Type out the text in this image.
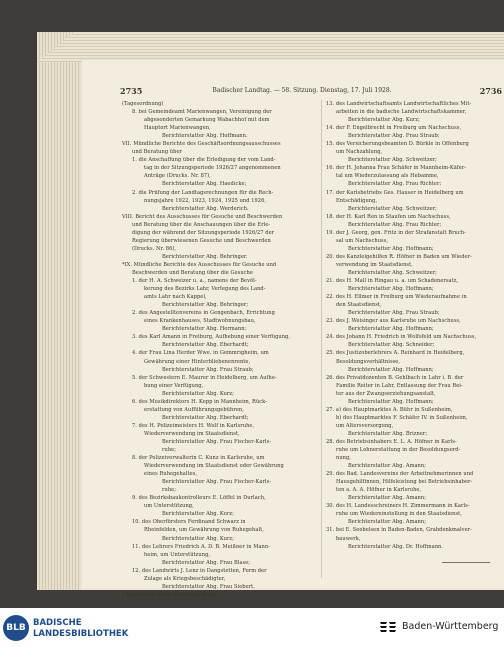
2735	Badischer Landtag. — 58. Sitzung. Dienstag, 17. Juli 1928.	2736
(Tagesordnung)
8. bei Gemeindeamt Marienwangen, Vereinigung der
abgesonderten Gemarkung Wabachhof mit dem
Hauptort Marienwangen,
Berichterstatter Abg. Hoffmann.
VII. Mündliche Berichte des Geschäftsordnungsausschusses
und Beratung über
1. die Anschaffung über die Erledigung der vom Land-
tag in der Sitzungsperiode 1926/27 angenommenen
Anträge (Drucks. Nr. 87),
Berichterstatter Abg. Haedicke;
2. die Prüfung der Landtagsrechnungen für die Rech-
nungsjahre 1922, 1923, 1924, 1925 und 1926,
Berichterstatter Abg. Werderich.
VIII. Bericht des Ausschusses für Gesuche und Beschwerden
und Beratung über die Anschauungen über die Erle-
digung der während der Sitzungsperiode 1926/27 der
Regierung überwiesenen Gesuche und Beschwerden
(Drucks. Nr. 86),
Berichterstatter Abg. Behringer.
*IX. Mündliche Berichte des Ausschusses für Gesuche und
Beschwerden und Beratung über die Gesuche
1. der H. A. Schweizer u. a., namens der Bevöl-
kerung des Bezirks Lahr, Verlegung des Land-
amts Lahr nach Kappel,
Berichterstatter Abg. Behringer;
2. des Angestelltenvereins in Gengenbach, Errichtung
eines Krankenhauses, Stadtwohnungsbau,
Berichterstatter Abg. Hermann;
3. des Karl Amann in Freiburg, Aufhebung einer Verfügung,
Berichterstatter Abg. Eberhardt;
4. der Frau Lina Herder Wwe. in Gemmrigheim, um
Gewährung einer Hinterbliebenenrente,
Berichterstatter Abg. Frau Straub;
5. der Schwestern E. Maurer in Heidelberg, um Aufhe-
bung einer Verfügung,
Berichterstatter Abg. Kurz;
6. des Musikdirektors H. Kopp in Mannheim, Rück-
erstattung von Aufführungsgebühren,
Berichterstatter Abg. Eberhardt;
7. des H. Polizeimeisters H. Wolf in Karlsruhe,
Wiederverwendung im Staatsdienst,
Berichterstatter Abg. Frau Fischer-Karls-
ruhe;
8. der Polizeiverwalterin C. Kunz in Karlsruhe, um
Wiederverwendung im Staatsdienst oder Gewährung
eines Ruhegehaltes,
Berichterstatter Abg. Frau Fischer-Karls-
ruhe;
9. des Bezirksbaukontrolleurs E. Löffel in Durlach,
um Unterstützung,
Berichterstatter Abg. Kurz;
10. des Oberförsters Ferdinand Schwarz in
Rheinfelden, um Gewährung von Ruhegehalt,
Berichterstatter Abg. Kurz;
11. des Lehrers Friedrich A. D. B. Meißner in Mann-
heim, um Unterstützung,
Berichterstatter Abg. Frau Blase;
12. des Landwirts J. Lenz in Dangstetten, Form der
Zulage als Kriegsbeschädigter,
Berichterstatter Abg. Frau Siebert.
* Kann nicht mehr zur Verhandlung.
13. des Landwirtschaftsamts Landwirtschaftliches Mit-
arbeiten in die badische Landwirtschaftskammer,
Berichterstatter Abg. Kurz;
14. der F. Engelbrecht in Freiburg um Nachschuss,
Berichterstatter Abg. Frau Straub;
15. des Versicherungsbeamten D. Bürkle in Offenburg
um Nachzahlung,
Berichterstatter Abg. Schweitzer;
16. der H. Johanna Frau Schäfer in Mannheim-Käfer-
tal um Wiederzulassung als Hebamme,
Berichterstatter Abg. Frau Richter;
17. der Karlsbetriebs Ges. Hauser in Heidelberg um
Entschädigung,
Berichterstatter Abg. Schweitzer;
18. der H. Karl Ren in Staufen um Nachschuss,
Berichterstatter Abg. Frau Richter;
19. der J. Georg, gen. Fritz in der Strafanstalt Bruch-
sal um Nachschuss,
Berichterstatter Abg. Hoffmann;
20. des Kanzleigehilfen R. Höfner in Baden um Wieder-
verwendung im Staatsdienst,
Berichterstatter Abg. Schweitzer;
21. des H. Mall in Ringau u. a. um Schadenersatz,
Berichterstatter Abg. Hoffmann;
22. des H. Ellmer in Freiburg um Wiederaufnahme in
den Staatsdienst,
Berichterstatter Abg. Frau Straub;
23. des J. Weisinger aus Karlsruhe um Nachschuss,
Berichterstatter Abg. Hoffmann;
24. des Johann H. Friedrich in Wolfsfeld um Nachschuss,
Berichterstatter Abg. Schneider;
25. des Justizoberlehrers A. Reinhard in Heidelberg,
Besoldungsverhältnisse,
Berichterstatter Abg. Hoffmann;
26. des Privatdozenten B. Gehlbach in Lahr i. B. der
Familie Reiter in Lahr, Entlassung der Frau Rei-
ter aus der Zwangserziehungsanstalt,
Berichterstatter Abg. Hoffmann;
27. a) des Hauptmarktes A. Bühr in Sußenheim,
b) des Hauptmarktes F. Schäfer IV. in Sußenheim,
um Altersversorgung,
Berichterstatter Abg. Brizner;
28. des Betriebsinhabers E. L. A. Höfner in Karls-
ruhe um Lohnerstattung in der Besoldungsord-
nung,
Berichterstatter Abg. Amann;
29. des Bad. Landesvereins der Arbeitnehmerinnen und
Hausgehilfinnen, Hilfeleistung bei Betriebsinhaber-
ten a. A. A. Höfner in Karlsruhe,
Berichterstatter Abg. Amann;
30. des H. Landesschreiners H. Zimmermann in Karls-
ruhe um Wiedereinstellung in den Staatsdienst,
Berichterstatter Abg. Amann;
31. bei E. Seebelsen in Baden-Baden, Grabdenkmalver-
bauwerk,
Berichterstatter Abg. Dr. Hoffmann.
BLB BADISCHE
LANDESBIBLIOTHEK
Baden-Württemberg
